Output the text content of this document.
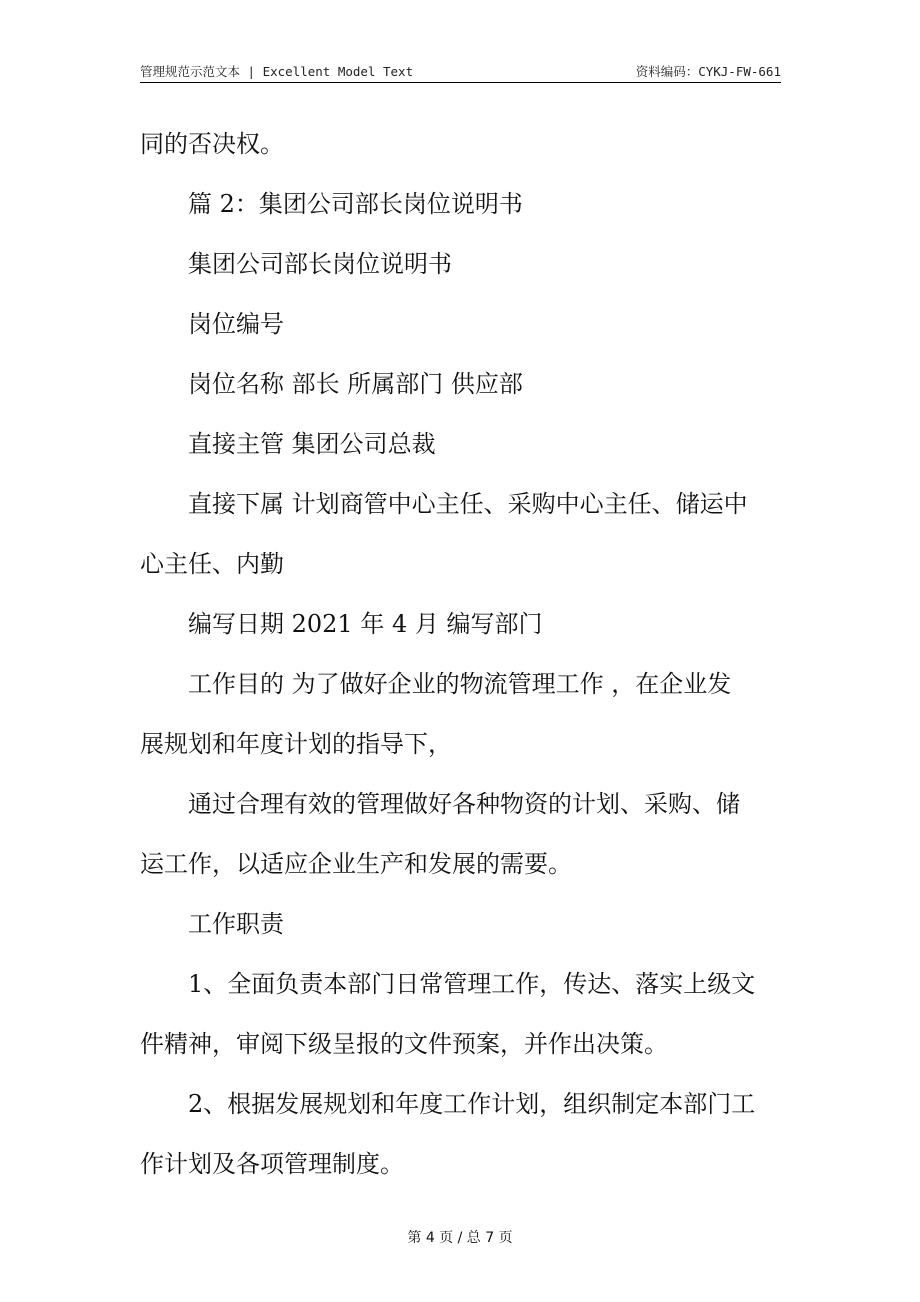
管理规范示范文本 | Excellent Model Text	资料编码：CYKJ-FW-661

同的否决权。

篇 2：集团公司部长岗位说明书

集团公司部长岗位说明书

岗位编号

岗位名称 部长 所属部门 供应部

直接主管 集团公司总裁

直接下属 计划商管中心主任、采购中心主任、储运中

心主任、内勤

编写日期 2021 年 4 月 编写部门

工作目的 为了做好企业的物流管理工作 ，在企业发

展规划和年度计划的指导下，

通过合理有效的管理做好各种物资的计划、采购、储

运工作，以适应企业生产和发展的需要。

工作职责

1、全面负责本部门日常管理工作，传达、落实上级文

件精神，审阅下级呈报的文件预案，并作出决策。

2、根据发展规划和年度工作计划，组织制定本部门工

作计划及各项管理制度。

第 4 页 / 总 7 页
